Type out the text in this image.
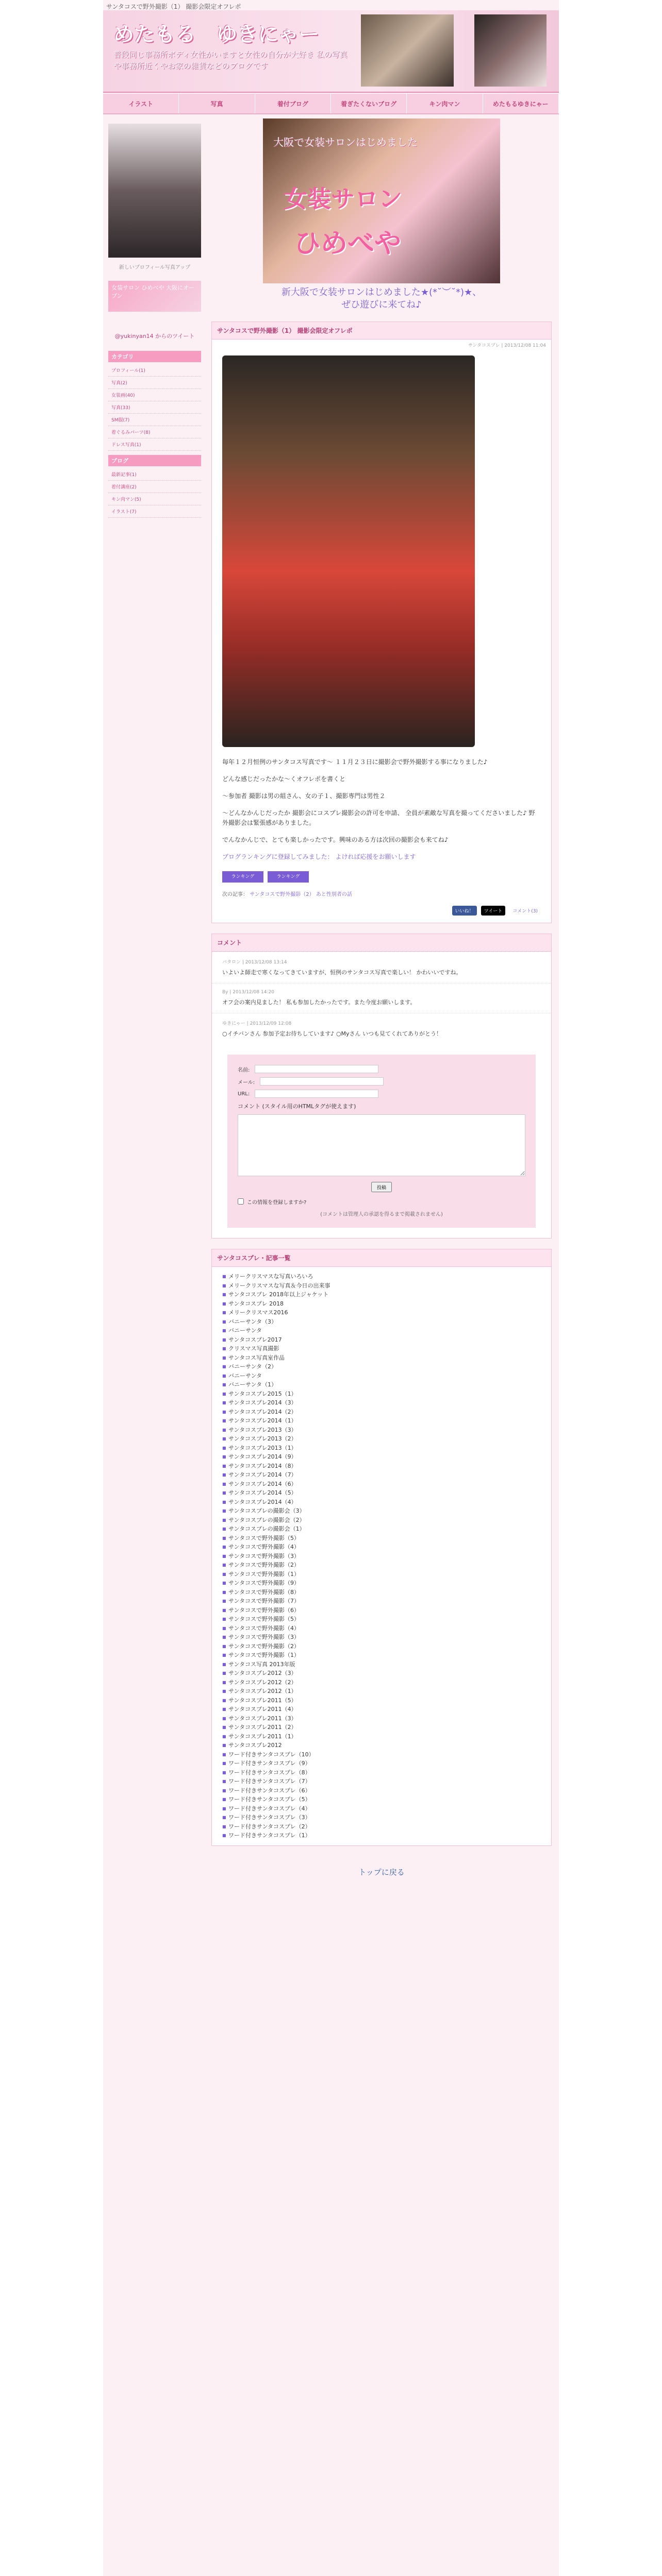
サンタコスで野外撮影（1） 撮影会限定オフレポ
めたもる　ゆきにゃー
普段同じ事務所ボディ女性がいますと女性の自分が大好き 私の写真や事務所近くやお家の雑貨などのブログです
イラスト	写真	着付ブログ	着ぎたくないブログ	キン肉マン	めたもるゆきにゃー
新しいプロフィール写真アップ
女装サロン ひめべや 大阪にオープン
@yukinyan14 からのツイート
カテゴリ
プロフィール(1)
写真(2)
女装画(40)
写真(33)
SM服(7)
着ぐるみパーツ(8)
ドレス写真(1)
ブログ
最新記事(1)
着付講座(2)
キン肉マン(5)
イラスト(7)
大阪で女装サロンはじめました
女装サロン
ひめべや
新大阪で女装サロンはじめました★(*˘︶˘*)★、
ぜひ遊びに来てね♪
サンタコスで野外撮影（1） 撮影会限定オフレポ
サンタコスプレ | 2013/12/08 11:04

毎年１２月恒例のサンタコス写真です～ １１月２３日に撮影会で野外撮影する事になりました♪

どんな感じだったかな～くオフレポを書くと

〜参加者 撮影は男の組さん、女の子１、撮影専門は男性２

〜どんなかんじだったか 撮影会にコスプレ撮影会の許可を申請、 全員が素敵な写真を撮ってくださいました♪ 野外撮影会は緊張感がありました。

でんなかんじで、とても楽しかったです。興味のある方は次回の撮影会も来てね♪

ブログランキングに登録してみました： よければ応援をお願いします

ランキング	ランキング
次の記事： サンタコスで野外撮影（2） あと性別者の話
いいね！	ツイート	コメント(3)
コメント
バタロン | 2013/12/08 13:14
いよいよ師走で寒くなってきていますが、恒例のサンタコス写真で楽しい！ かわいいですね。
By | 2013/12/08 14:20
オフ会の案内見ました！ 私も参加したかったです。また今度お願いします。
ゆきにゃー | 2013/12/09 12:08
○イチバンさん 参加予定お待ちしています♪ ○Myさん いつも見てくれてありがとう！
名前:
メール:
URL:
コメント (スタイル用のHTMLタグが使えます)
投稿
この情報を登録しますか?
(コメントは管理人の承認を得るまで掲載されません)
サンタコスプレ・記事一覧
■ メリークリスマスな写真いろいろ
■ メリークリスマスな写真＆今日の出来事
■ サンタコスプレ 2018年以上ジャケット
■ サンタコスプレ 2018
■ メリークリスマス2016
■ バニーサンタ（3）
■ バニーサンタ
■ サンタコスプレ2017
■ クリスマス写真撮影
■ サンタコス写真室作品
■ バニーサンタ（2）
■ バニーサンタ
■ バニーサンタ（1）
■ サンタコスプレ2015（1）
■ サンタコスプレ2014（3）
■ サンタコスプレ2014（2）
■ サンタコスプレ2014（1）
■ サンタコスプレ2013（3）
■ サンタコスプレ2013（2）
■ サンタコスプレ2013（1）
■ サンタコスプレ2014（9）
■ サンタコスプレ2014（8）
■ サンタコスプレ2014（7）
■ サンタコスプレ2014（6）
■ サンタコスプレ2014（5）
■ サンタコスプレ2014（4）
■ サンタコスプレの撮影会（3）
■ サンタコスプレの撮影会（2）
■ サンタコスプレの撮影会（1）
■ サンタコスで野外撮影（5）
■ サンタコスで野外撮影（4）
■ サンタコスで野外撮影（3）
■ サンタコスで野外撮影（2）
■ サンタコスで野外撮影（1）
■ サンタコスで野外撮影（9）
■ サンタコスで野外撮影（8）
■ サンタコスで野外撮影（7）
■ サンタコスで野外撮影（6）
■ サンタコスで野外撮影（5）
■ サンタコスで野外撮影（4）
■ サンタコスで野外撮影（3）
■ サンタコスで野外撮影（2）
■ サンタコスで野外撮影（1）
■ サンタコス写真 2013年版
■ サンタコスプレ2012（3）
■ サンタコスプレ2012（2）
■ サンタコスプレ2012（1）
■ サンタコスプレ2011（5）
■ サンタコスプレ2011（4）
■ サンタコスプレ2011（3）
■ サンタコスプレ2011（2）
■ サンタコスプレ2011（1）
■ サンタコスプレ2012
■ ワード付きサンタコスプレ（10）
■ ワード付きサンタコスプレ（9）
■ ワード付きサンタコスプレ（8）
■ ワード付きサンタコスプレ（7）
■ ワード付きサンタコスプレ（6）
■ ワード付きサンタコスプレ（5）
■ ワード付きサンタコスプレ（4）
■ ワード付きサンタコスプレ（3）
■ ワード付きサンタコスプレ（2）
■ ワード付きサンタコスプレ（1）
トップに戻る
